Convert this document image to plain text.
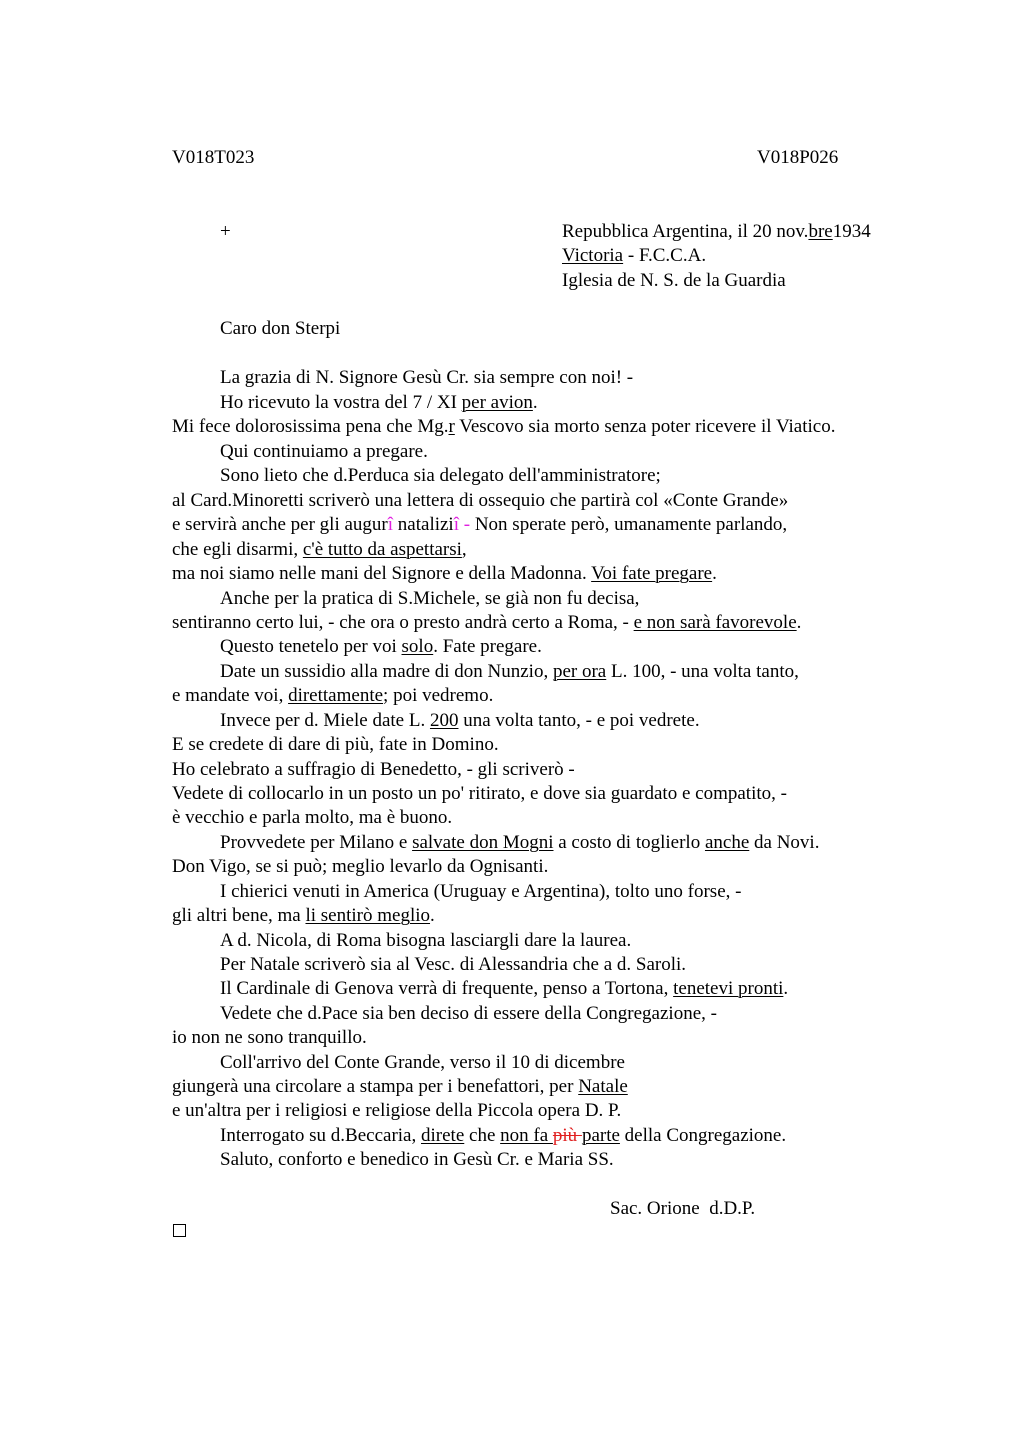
V018T023	V018P026
+	Repubblica Argentina, il 20 nov.bre1934
Victoria - F.C.C.A.
Iglesia de N. S. de la Guardia
Caro don Sterpi
La grazia di N. Signore Gesù Cr. sia sempre con noi! -
Ho ricevuto la vostra del 7 / XI per avion.
Mi fece dolorosissima pena che Mg.r Vescovo sia morto senza poter ricevere il Viatico.
Qui continuiamo a pregare.
Sono lieto che d.Perduca sia delegato dell'amministratore;
al Card.Minoretti scriverò una lettera di ossequio che partirà col «Conte Grande»
e servirà anche per gli augurî nataliziî - Non sperate però, umanamente parlando,
che egli disarmi, c'è tutto da aspettarsi,
ma noi siamo nelle mani del Signore e della Madonna. Voi fate pregare.
Anche per la pratica di S.Michele, se già non fu decisa,
sentiranno certo lui, - che ora o presto andrà certo a Roma, - e non sarà favorevole.
Questo tenetelo per voi solo. Fate pregare.
Date un sussidio alla madre di don Nunzio, per ora L. 100, - una volta tanto,
e mandate voi, direttamente; poi vedremo.
Invece per d. Miele date L. 200 una volta tanto, - e poi vedrete.
E se credete di dare di più, fate in Domino.
Ho celebrato a suffragio di Benedetto, - gli scriverò -
Vedete di collocarlo in un posto un po' ritirato, e dove sia guardato e compatito, -
è vecchio e parla molto, ma è buono.
Provvedete per Milano e salvate don Mogni a costo di toglierlo anche da Novi.
Don Vigo, se si può; meglio levarlo da Ognisanti.
I chierici venuti in America (Uruguay e Argentina), tolto uno forse, -
gli altri bene, ma li sentirò meglio.
A d. Nicola, di Roma bisogna lasciargli dare la laurea.
Per Natale scriverò sia al Vesc. di Alessandria che a d. Saroli.
Il Cardinale di Genova verrà di frequente, penso a Tortona, tenetevi pronti.
Vedete che d.Pace sia ben deciso di essere della Congregazione, -
io non ne sono tranquillo.
Coll'arrivo del Conte Grande, verso il 10 di dicembre
giungerà una circolare a stampa per i benefattori, per Natale
e un'altra per i religiosi e religiose della Piccola opera D. P.
Interrogato su d.Beccaria, direte che non fa più parte della Congregazione.
Saluto, conforto e benedico in Gesù Cr. e Maria SS.
Sac. Orione  d.D.P.
